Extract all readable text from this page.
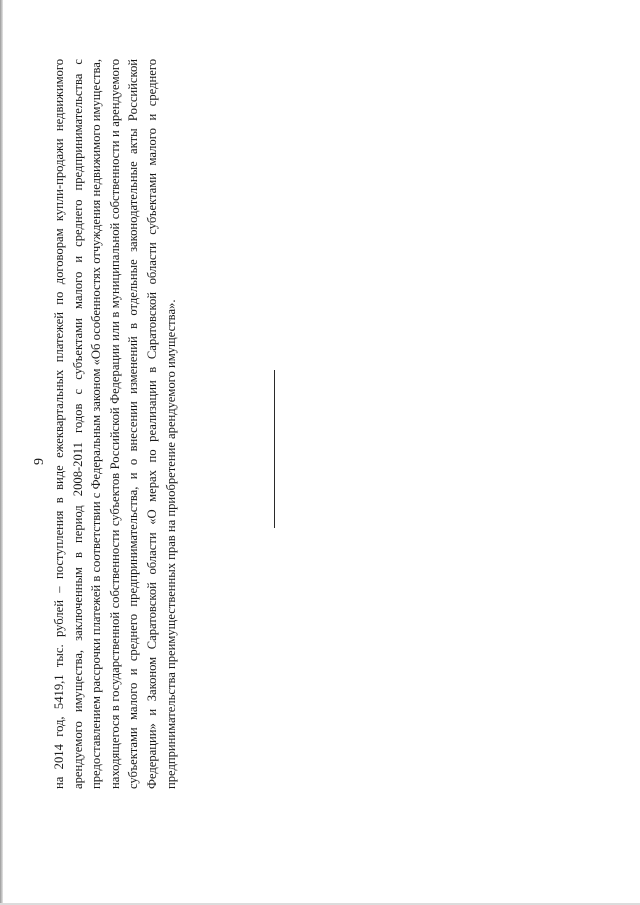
9 на 2014 год, 5419,1 тыс. рублей – поступления в виде ежеквартальных платежей по договорам купли-продажи недвижимого арендуемого имущества, заключенным в период 2008-2011 годов с субъектами малого и среднего предпринимательства с предоставлением рассрочки платежей в соответствии с Федеральным законом «Об особенностях отчуждения недвижимого имущества, находящегося в государственной собственности субъектов Российской Федерации или в муниципальной собственности и арендуемого субъектами малого и среднего предпринимательства, и о внесении изменений в отдельные законодательные акты Российской Федерации» и Законом Саратовской области «О мерах по реализации в Саратовской области субъектами малого и среднего предпринимательства преимущественных прав на приобретение арендуемого имущества».
